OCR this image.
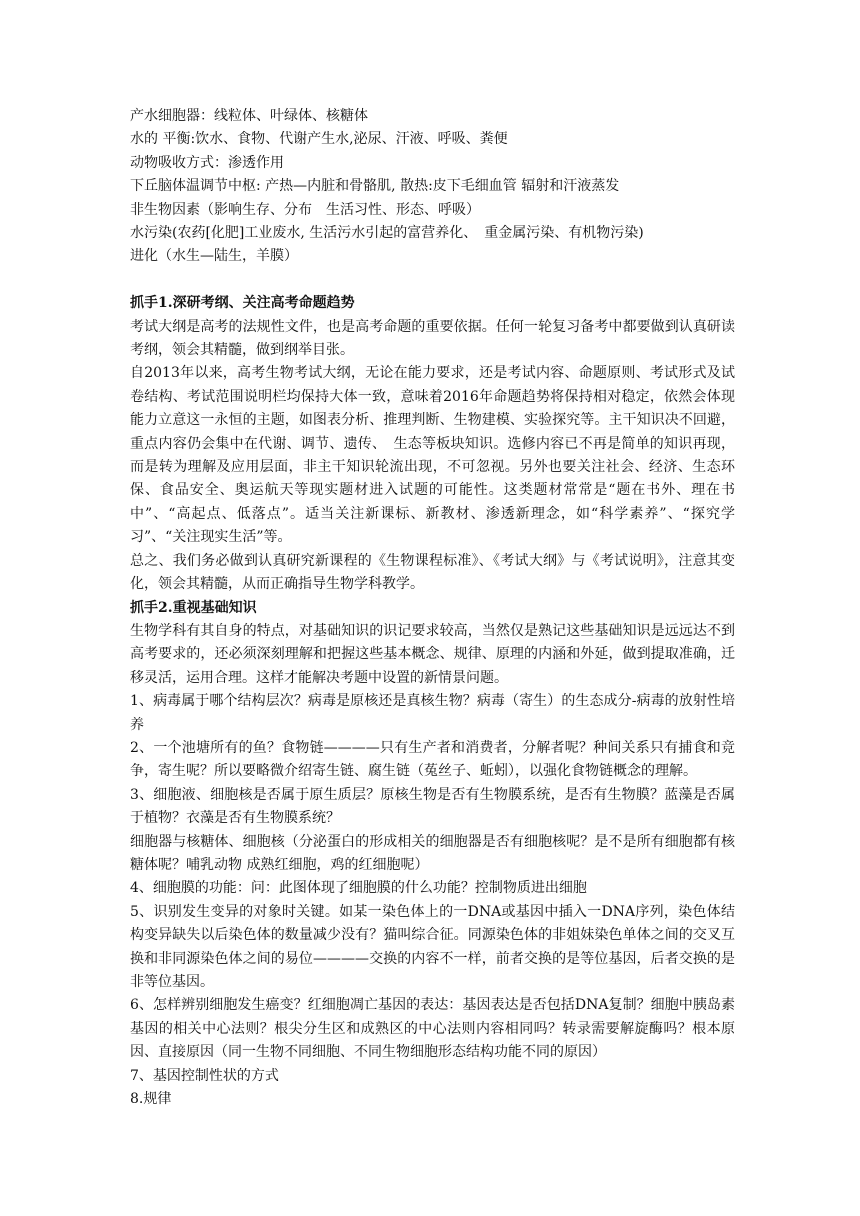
产水细胞器：线粒体、叶绿体、核糖体

水的 平衡:饮水、食物、代谢产生水,泌尿、汗液、呼吸、粪便

动物吸收方式：渗透作用

下丘脑体温调节中枢: 产热—内脏和骨骼肌, 散热:皮下毛细血管 辐射和汗液蒸发

非生物因素（影响生存、分布　生活习性、形态、呼吸）

水污染(农药[化肥]工业废水, 生活污水引起的富营养化、　重金属污染、有机物污染)

进化（水生—陆生，羊膜）

抓手1.深研考纲、关注高考命题趋势

考试大纲是高考的法规性文件，也是高考命题的重要依据。任何一轮复习备考中都要做到认真研读考纲，领会其精髓，做到纲举目张。

自2013年以来，高考生物考试大纲，无论在能力要求，还是考试内容、命题原则、考试形式及试卷结构、考试范围说明栏均保持大体一致，意味着2016年命题趋势将保持相对稳定，依然会体现能力立意这一永恒的主题，如图表分析、推理判断、生物建模、实验探究等。主干知识决不回避，重点内容仍会集中在代谢、调节、遗传、　生态等板块知识。选修内容已不再是简单的知识再现，而是转为理解及应用层面，非主干知识轮流出现，不可忽视。另外也要关注社会、经济、生态环保、食品安全、奥运航天等现实题材进入试题的可能性。这类题材常常是“题在书外、理在书中”、“高起点、低落点”。适当关注新课标、新教材、渗透新理念，如“科学素养”、“探究学习”、“关注现实生活”等。

总之、我们务必做到认真研究新课程的《生物课程标准》、《考试大纲》与《考试说明》，注意其变化，领会其精髓，从而正确指导生物学科教学。

抓手2.重视基础知识

生物学科有其自身的特点，对基础知识的识记要求较高，当然仅是熟记这些基础知识是远远达不到高考要求的，还必须深刻理解和把握这些基本概念、规律、原理的内涵和外延，做到提取准确，迁移灵活，运用合理。这样才能解决考题中设置的新情景问题。

1、病毒属于哪个结构层次？病毒是原核还是真核生物？病毒（寄生）的生态成分-病毒的放射性培养

2、一个池塘所有的鱼？食物链————只有生产者和消费者，分解者呢？种间关系只有捕食和竞争，寄生呢？所以要略微介绍寄生链、腐生链（菟丝子、蚯蚓），以强化食物链概念的理解。

3、细胞液、细胞核是否属于原生质层？原核生物是否有生物膜系统，是否有生物膜？蓝藻是否属于植物？衣藻是否有生物膜系统？

细胞器与核糖体、细胞核（分泌蛋白的形成相关的细胞器是否有细胞核呢？是不是所有细胞都有核糖体呢？哺乳动物 成熟红细胞，鸡的红细胞呢）

4、细胞膜的功能：问：此图体现了细胞膜的什么功能？控制物质进出细胞

5、识别发生变异的对象时关键。如某一染色体上的一DNA或基因中插入一DNA序列，染色体结构变异缺失以后染色体的数量减少没有？猫叫综合征。同源染色体的非姐妹染色单体之间的交叉互换和非同源染色体之间的易位————交换的内容不一样，前者交换的是等位基因，后者交换的是非等位基因。

6、怎样辨别细胞发生癌变？红细胞凋亡基因的表达：基因表达是否包括DNA复制？细胞中胰岛素基因的相关中心法则？根尖分生区和成熟区的中心法则内容相同吗？转录需要解旋酶吗？根本原因、直接原因（同一生物不同细胞、不同生物细胞形态结构功能不同的原因）

7、基因控制性状的方式

8.规律
